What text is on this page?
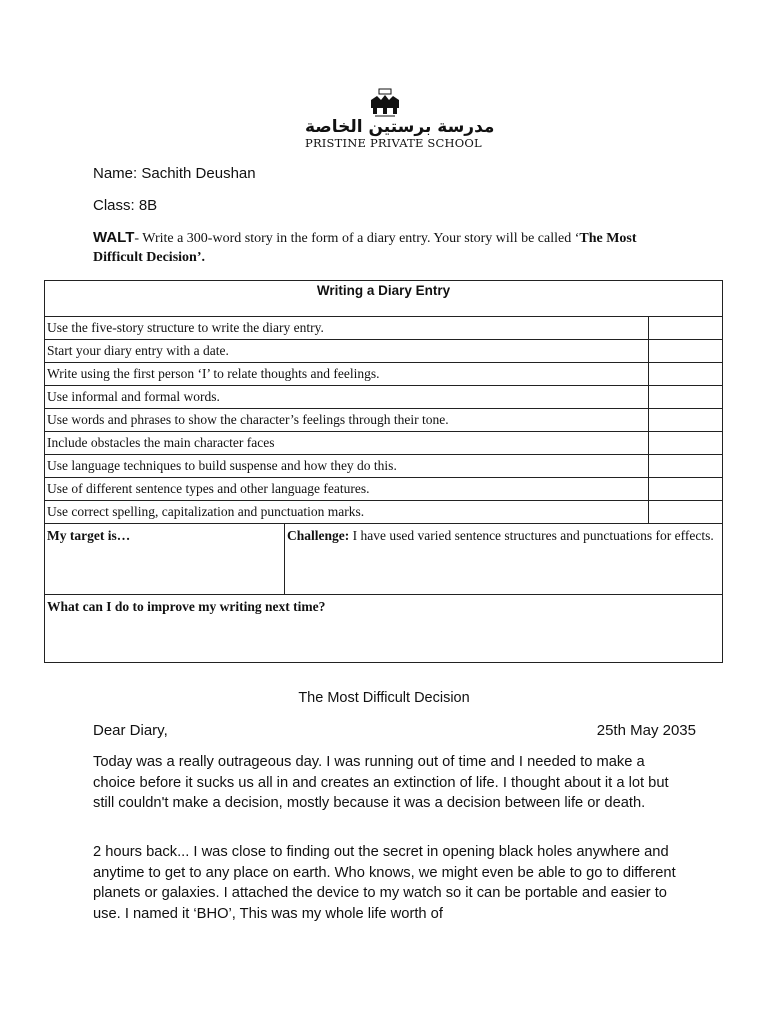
مدرسة برستين الخاصة
PRISTINE PRIVATE SCHOOL
Name: Sachith Deushan
Class: 8B
WALT- Write a 300-word story in the form of a diary entry. Your story will be called ‘The Most Difficult Decision’.
Writing a Diary Entry		
Use the five-story structure to write the diary entry.		
Start your diary entry with a date.		
Write using the first person ‘I’ to relate thoughts and feelings.		
Use informal and formal words.		
Use words and phrases to show the character’s feelings through their tone.		
Include obstacles the main character faces		
Use language techniques to build suspense and how they do this.		
Use of different sentence types and other language features.		
Use correct spelling, capitalization and punctuation marks.		
My target is…	Challenge: I have used varied sentence structures and punctuations for effects.	
What can I do to improve my writing next time?		
The Most Difficult Decision
Dear Diary,	25th May 2035

Today was a really outrageous day. I was running out of time and I needed to make a choice before it sucks us all in and creates an extinction of life. I thought about it a lot but still couldn't make a decision, mostly because it was a decision between life or death.

2 hours back... I was close to finding out the secret in opening black holes anywhere and anytime to get to any place on earth. Who knows, we might even be able to go to different planets or galaxies. I attached the device to my watch so it can be portable and easier to use. I named it ‘BHO’, This was my whole life worth of
